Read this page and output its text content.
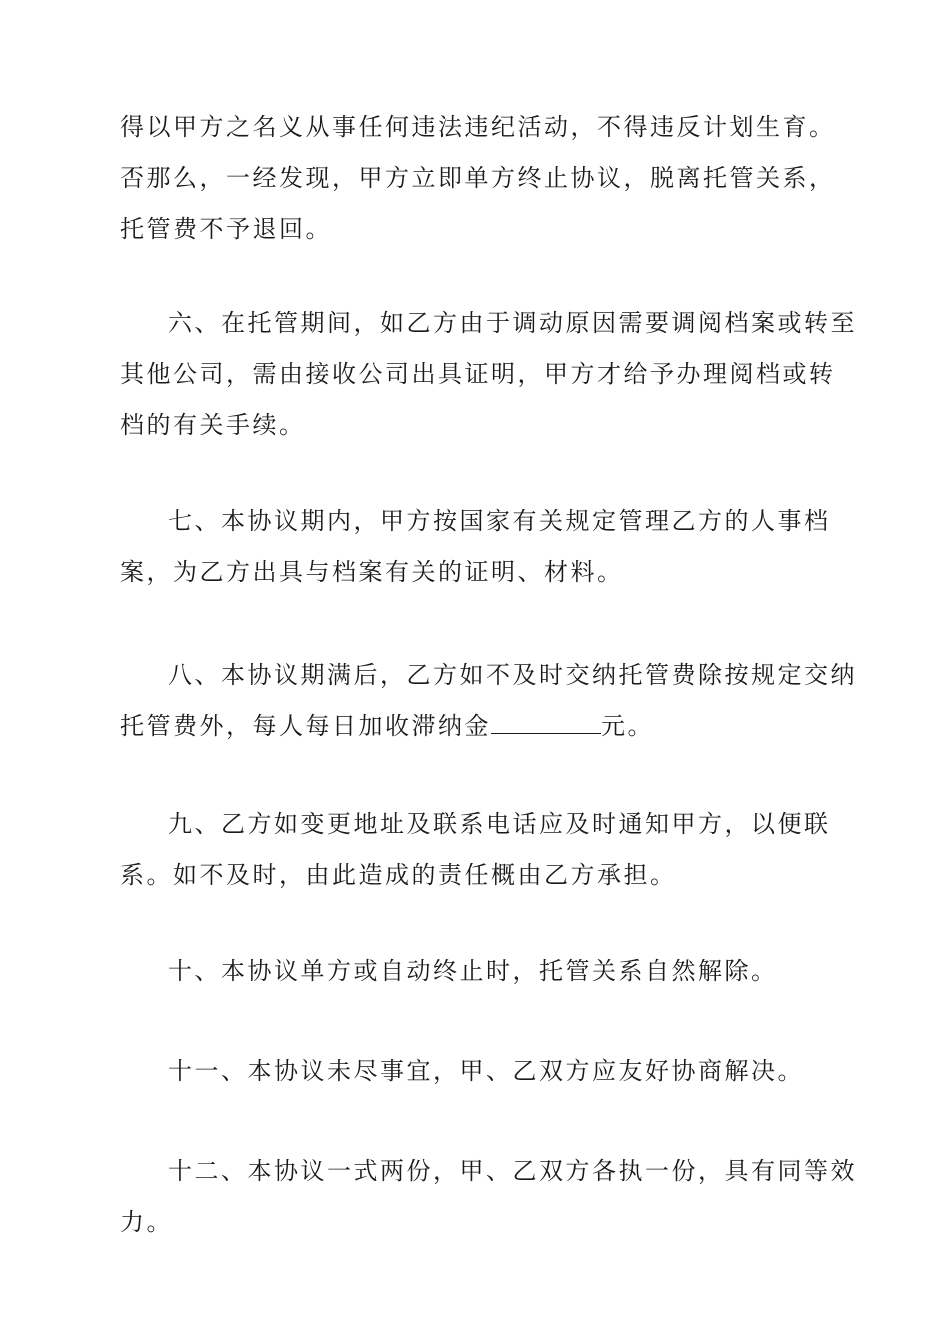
得以甲方之名义从事任何违法违纪活动，不得违反计划生育。否那么，一经发现，甲方立即单方终止协议，脱离托管关系，托管费不予退回。

六、在托管期间，如乙方由于调动原因需要调阅档案或转至其他公司，需由接收公司出具证明，甲方才给予办理阅档或转档的有关手续。

七、本协议期内，甲方按国家有关规定管理乙方的人事档案，为乙方出具与档案有关的证明、材料。

八、本协议期满后，乙方如不及时交纳托管费除按规定交纳托管费外，每人每日加收滞纳金	元。

九、乙方如变更地址及联系电话应及时通知甲方，以便联系。如不及时，由此造成的责任概由乙方承担。

十、本协议单方或自动终止时，托管关系自然解除。

十一、本协议未尽事宜，甲、乙双方应友好协商解决。

十二、本协议一式两份，甲、乙双方各执一份，具有同等效力。
